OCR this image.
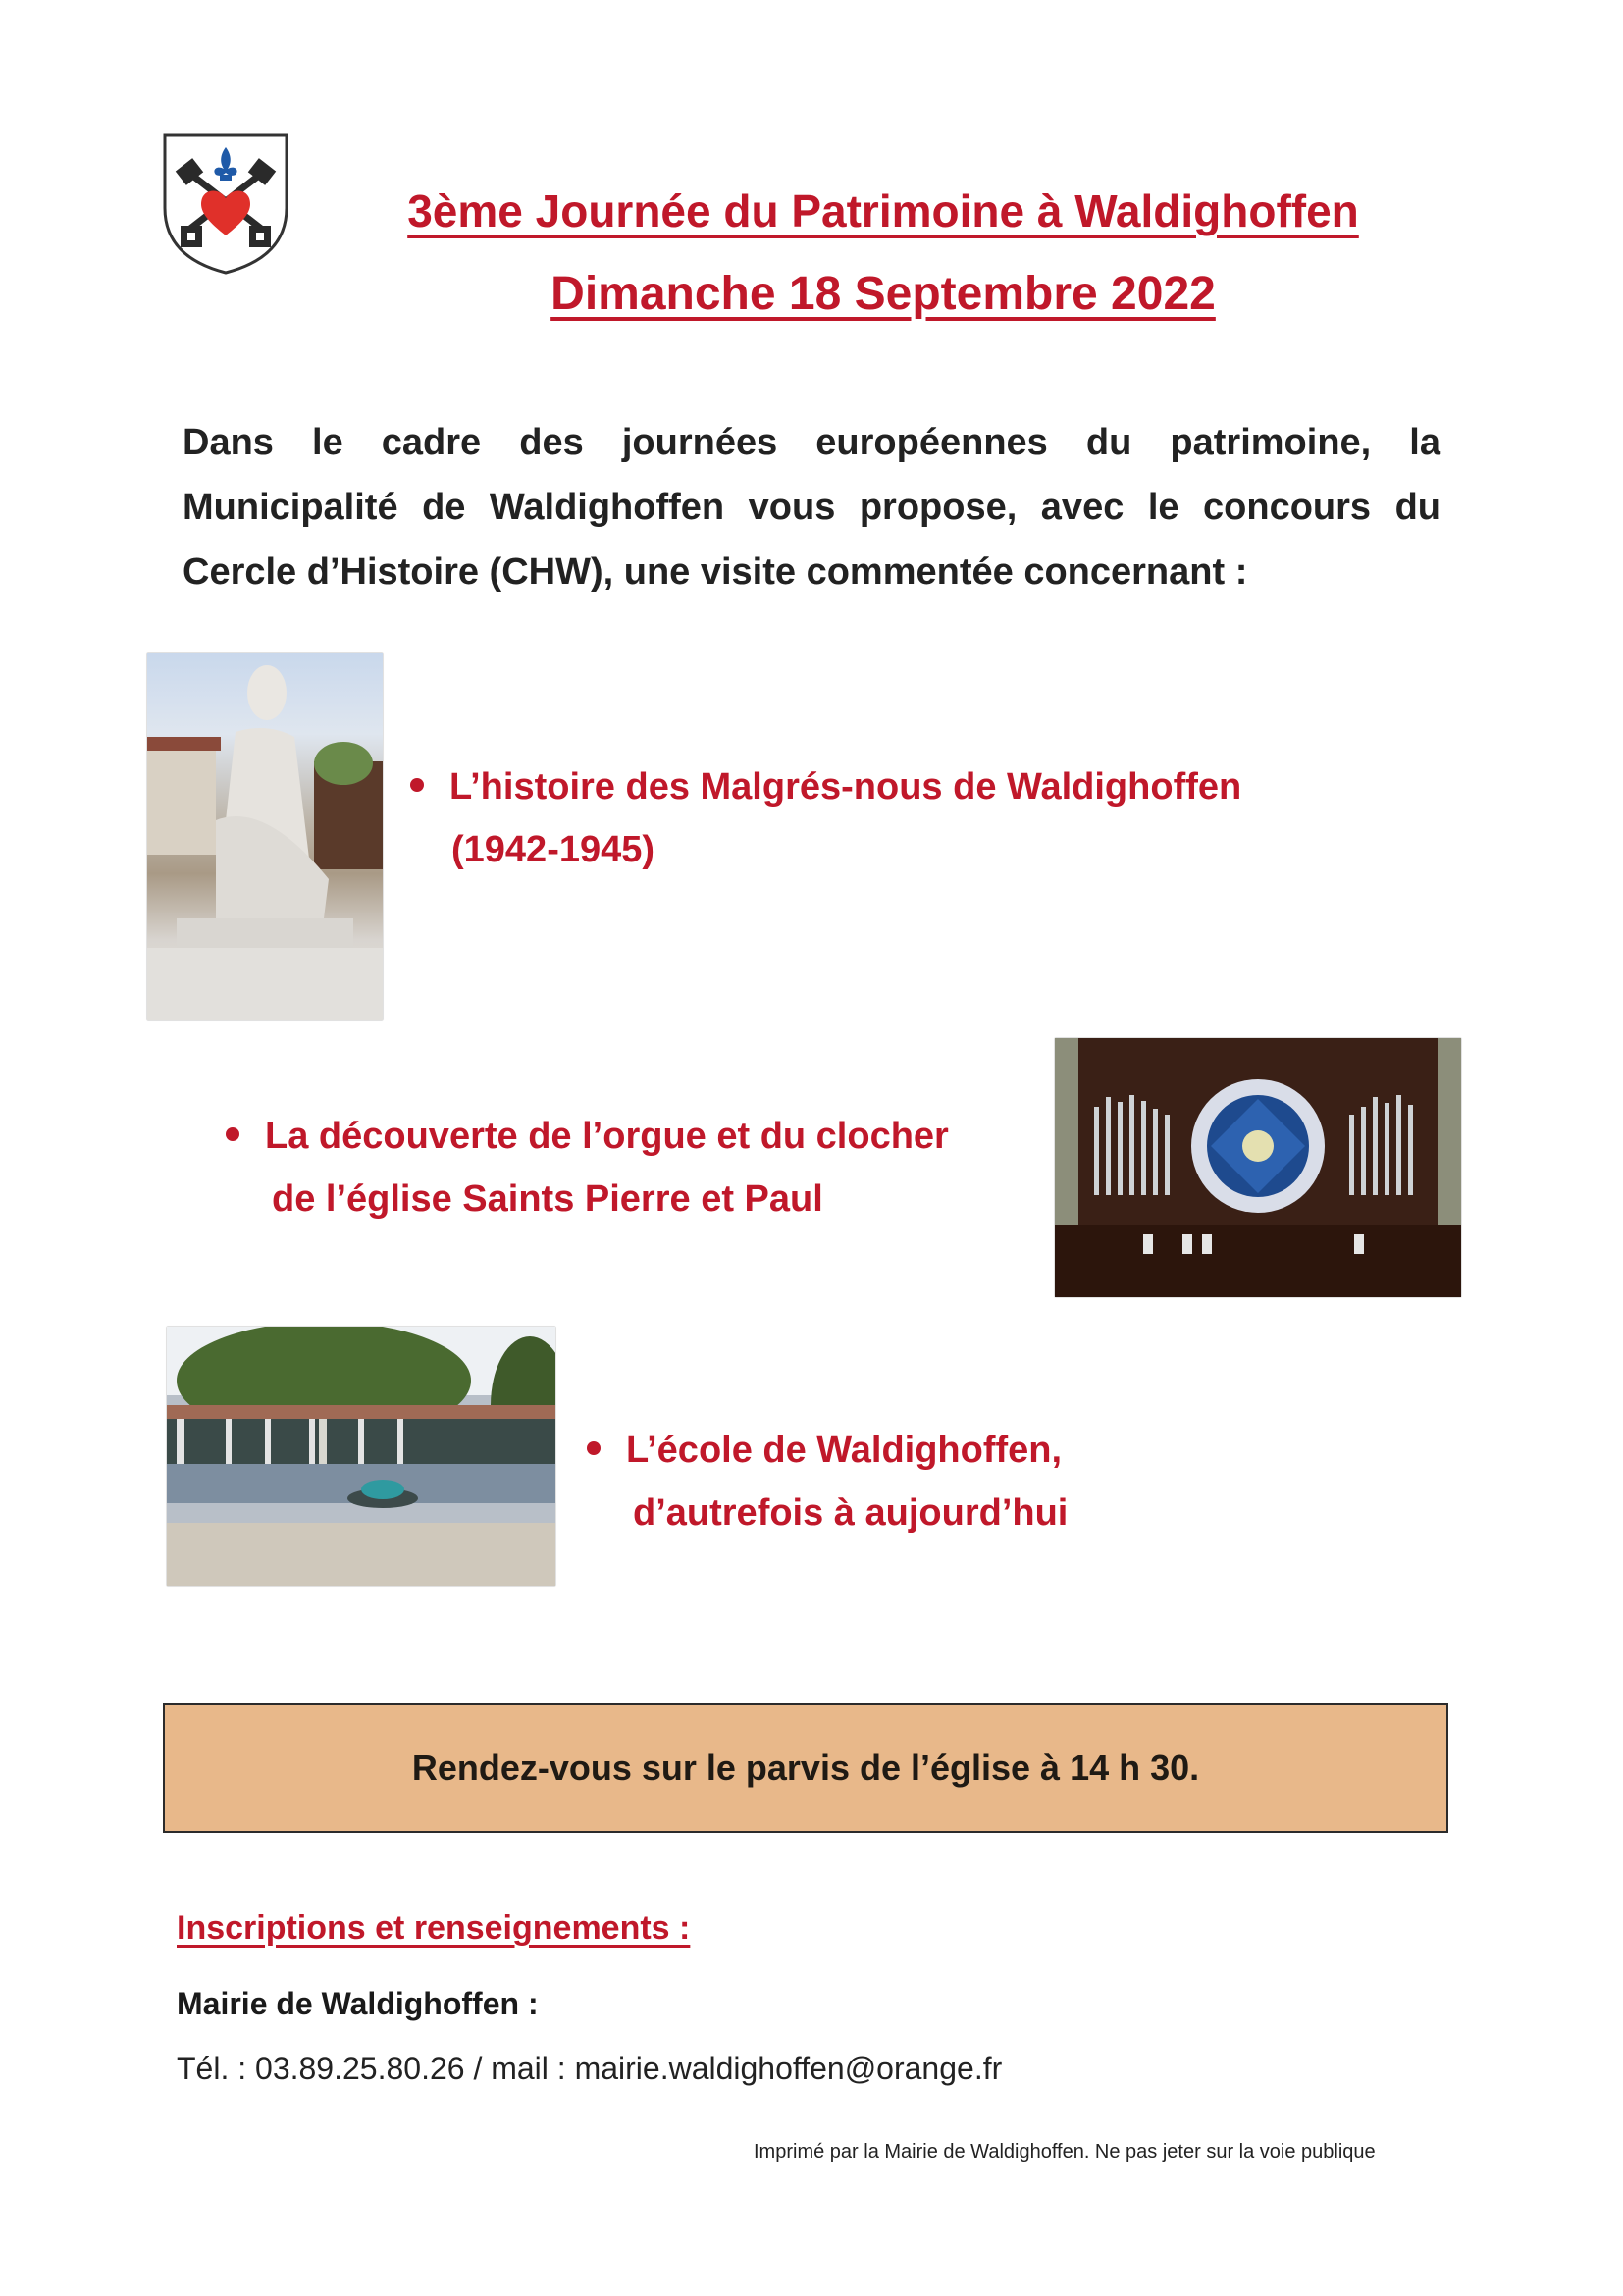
3ème Journée du Patrimoine à Waldighoffen
Dimanche 18 Septembre 2022
Dans le cadre des journées européennes du patrimoine, la Municipalité de Waldighoffen vous propose, avec le concours du Cercle d’Histoire (CHW), une visite commentée concernant :
L’histoire des Malgrés-nous de Waldighoffen
(1942-1945)
La découverte de l’orgue et du clocher
de l’église Saints Pierre et Paul
L’école de Waldighoffen,
d’autrefois à aujourd’hui
Rendez-vous sur le parvis de l’église à 14 h 30.
Inscriptions et renseignements :
Mairie de Waldighoffen :
Tél. : 03.89.25.80.26 / mail : mairie.waldighoffen@orange.fr
Imprimé par la Mairie de Waldighoffen. Ne pas jeter sur la voie publique
